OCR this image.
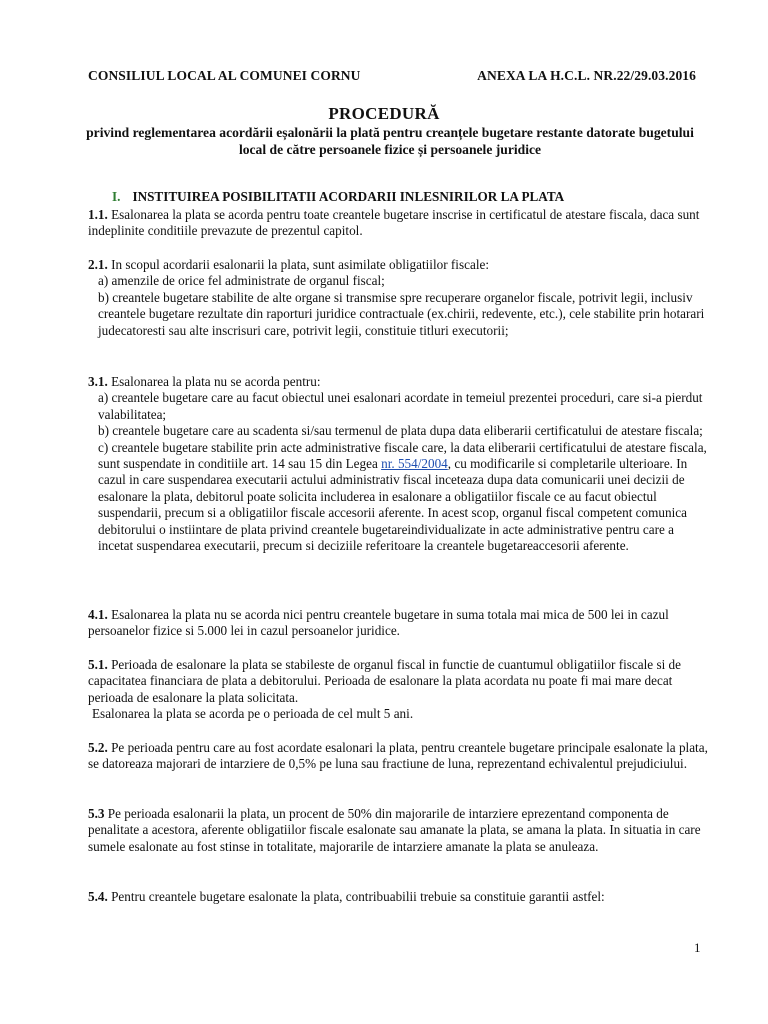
CONSILIUL LOCAL AL COMUNEI CORNU	ANEXA LA H.C.L. NR.22/29.03.2016
PROCEDURĂ
privind reglementarea acordării eșalonării la plată pentru creanțele bugetare restante datorate bugetului local de către persoanele fizice și persoanele juridice
I. INSTITUIREA POSIBILITATII ACORDARII INLESNIRILOR LA PLATA

1.1. Esalonarea la plata se acorda pentru toate creantele bugetare inscrise in certificatul de atestare fiscala, daca sunt indeplinite conditiile prevazute de prezentul capitol.

2.1. In scopul acordarii esalonarii la plata, sunt asimilate obligatiilor fiscale:

a) amenzile de orice fel administrate de organul fiscal;

b) creantele bugetare stabilite de alte organe si transmise spre recuperare organelor fiscale, potrivit legii, inclusiv creantele bugetare rezultate din raporturi juridice contractuale (ex.chirii, redevente, etc.), cele stabilite prin hotarari judecatoresti sau alte inscrisuri care, potrivit legii, constituie titluri executorii;

3.1. Esalonarea la plata nu se acorda pentru:

a) creantele bugetare care au facut obiectul unei esalonari acordate in temeiul prezentei proceduri, care si-a pierdut valabilitatea;

b) creantele bugetare care au scadenta si/sau termenul de plata dupa data eliberarii certificatului de atestare fiscala;

c) creantele bugetare stabilite prin acte administrative fiscale care, la data eliberarii certificatului de atestare fiscala, sunt suspendate in conditiile art. 14 sau 15 din Legea nr. 554/2004, cu modificarile si completarile ulterioare. In cazul in care suspendarea executarii actului administrativ fiscal inceteaza dupa data comunicarii unei decizii de esalonare la plata, debitorul poate solicita includerea in esalonare a obligatiilor fiscale ce au facut obiectul suspendarii, precum si a obligatiilor fiscale accesorii aferente. In acest scop, organul fiscal competent comunica debitorului o instiintare de plata privind creantele bugetareindividualizate in acte administrative pentru care a incetat suspendarea executarii, precum si deciziile referitoare la creantele bugetareaccesorii aferente.

4.1. Esalonarea la plata nu se acorda nici pentru creantele bugetare in suma totala mai mica de 500 lei in cazul persoanelor fizice si 5.000 lei in cazul persoanelor juridice.

5.1. Perioada de esalonare la plata se stabileste de organul fiscal in functie de cuantumul obligatiilor fiscale si de capacitatea financiara de plata a debitorului. Perioada de esalonare la plata acordata nu poate fi mai mare decat perioada de esalonare la plata solicitata.

Esalonarea la plata se acorda pe o perioada de cel mult 5 ani.

5.2. Pe perioada pentru care au fost acordate esalonari la plata, pentru creantele bugetare principale esalonate la plata, se datoreaza majorari de intarziere de 0,5% pe luna sau fractiune de luna, reprezentand echivalentul prejudiciului.

5.3 Pe perioada esalonarii la plata, un procent de 50% din majorarile de intarziere eprezentand componenta de penalitate a acestora, aferente obligatiilor fiscale esalonate sau amanate la plata, se amana la plata. In situatia in care sumele esalonate au fost stinse in totalitate, majorarile de intarziere amanate la plata se anuleaza.

5.4. Pentru creantele bugetare esalonate la plata, contribuabilii trebuie sa constituie garantii astfel:

1
